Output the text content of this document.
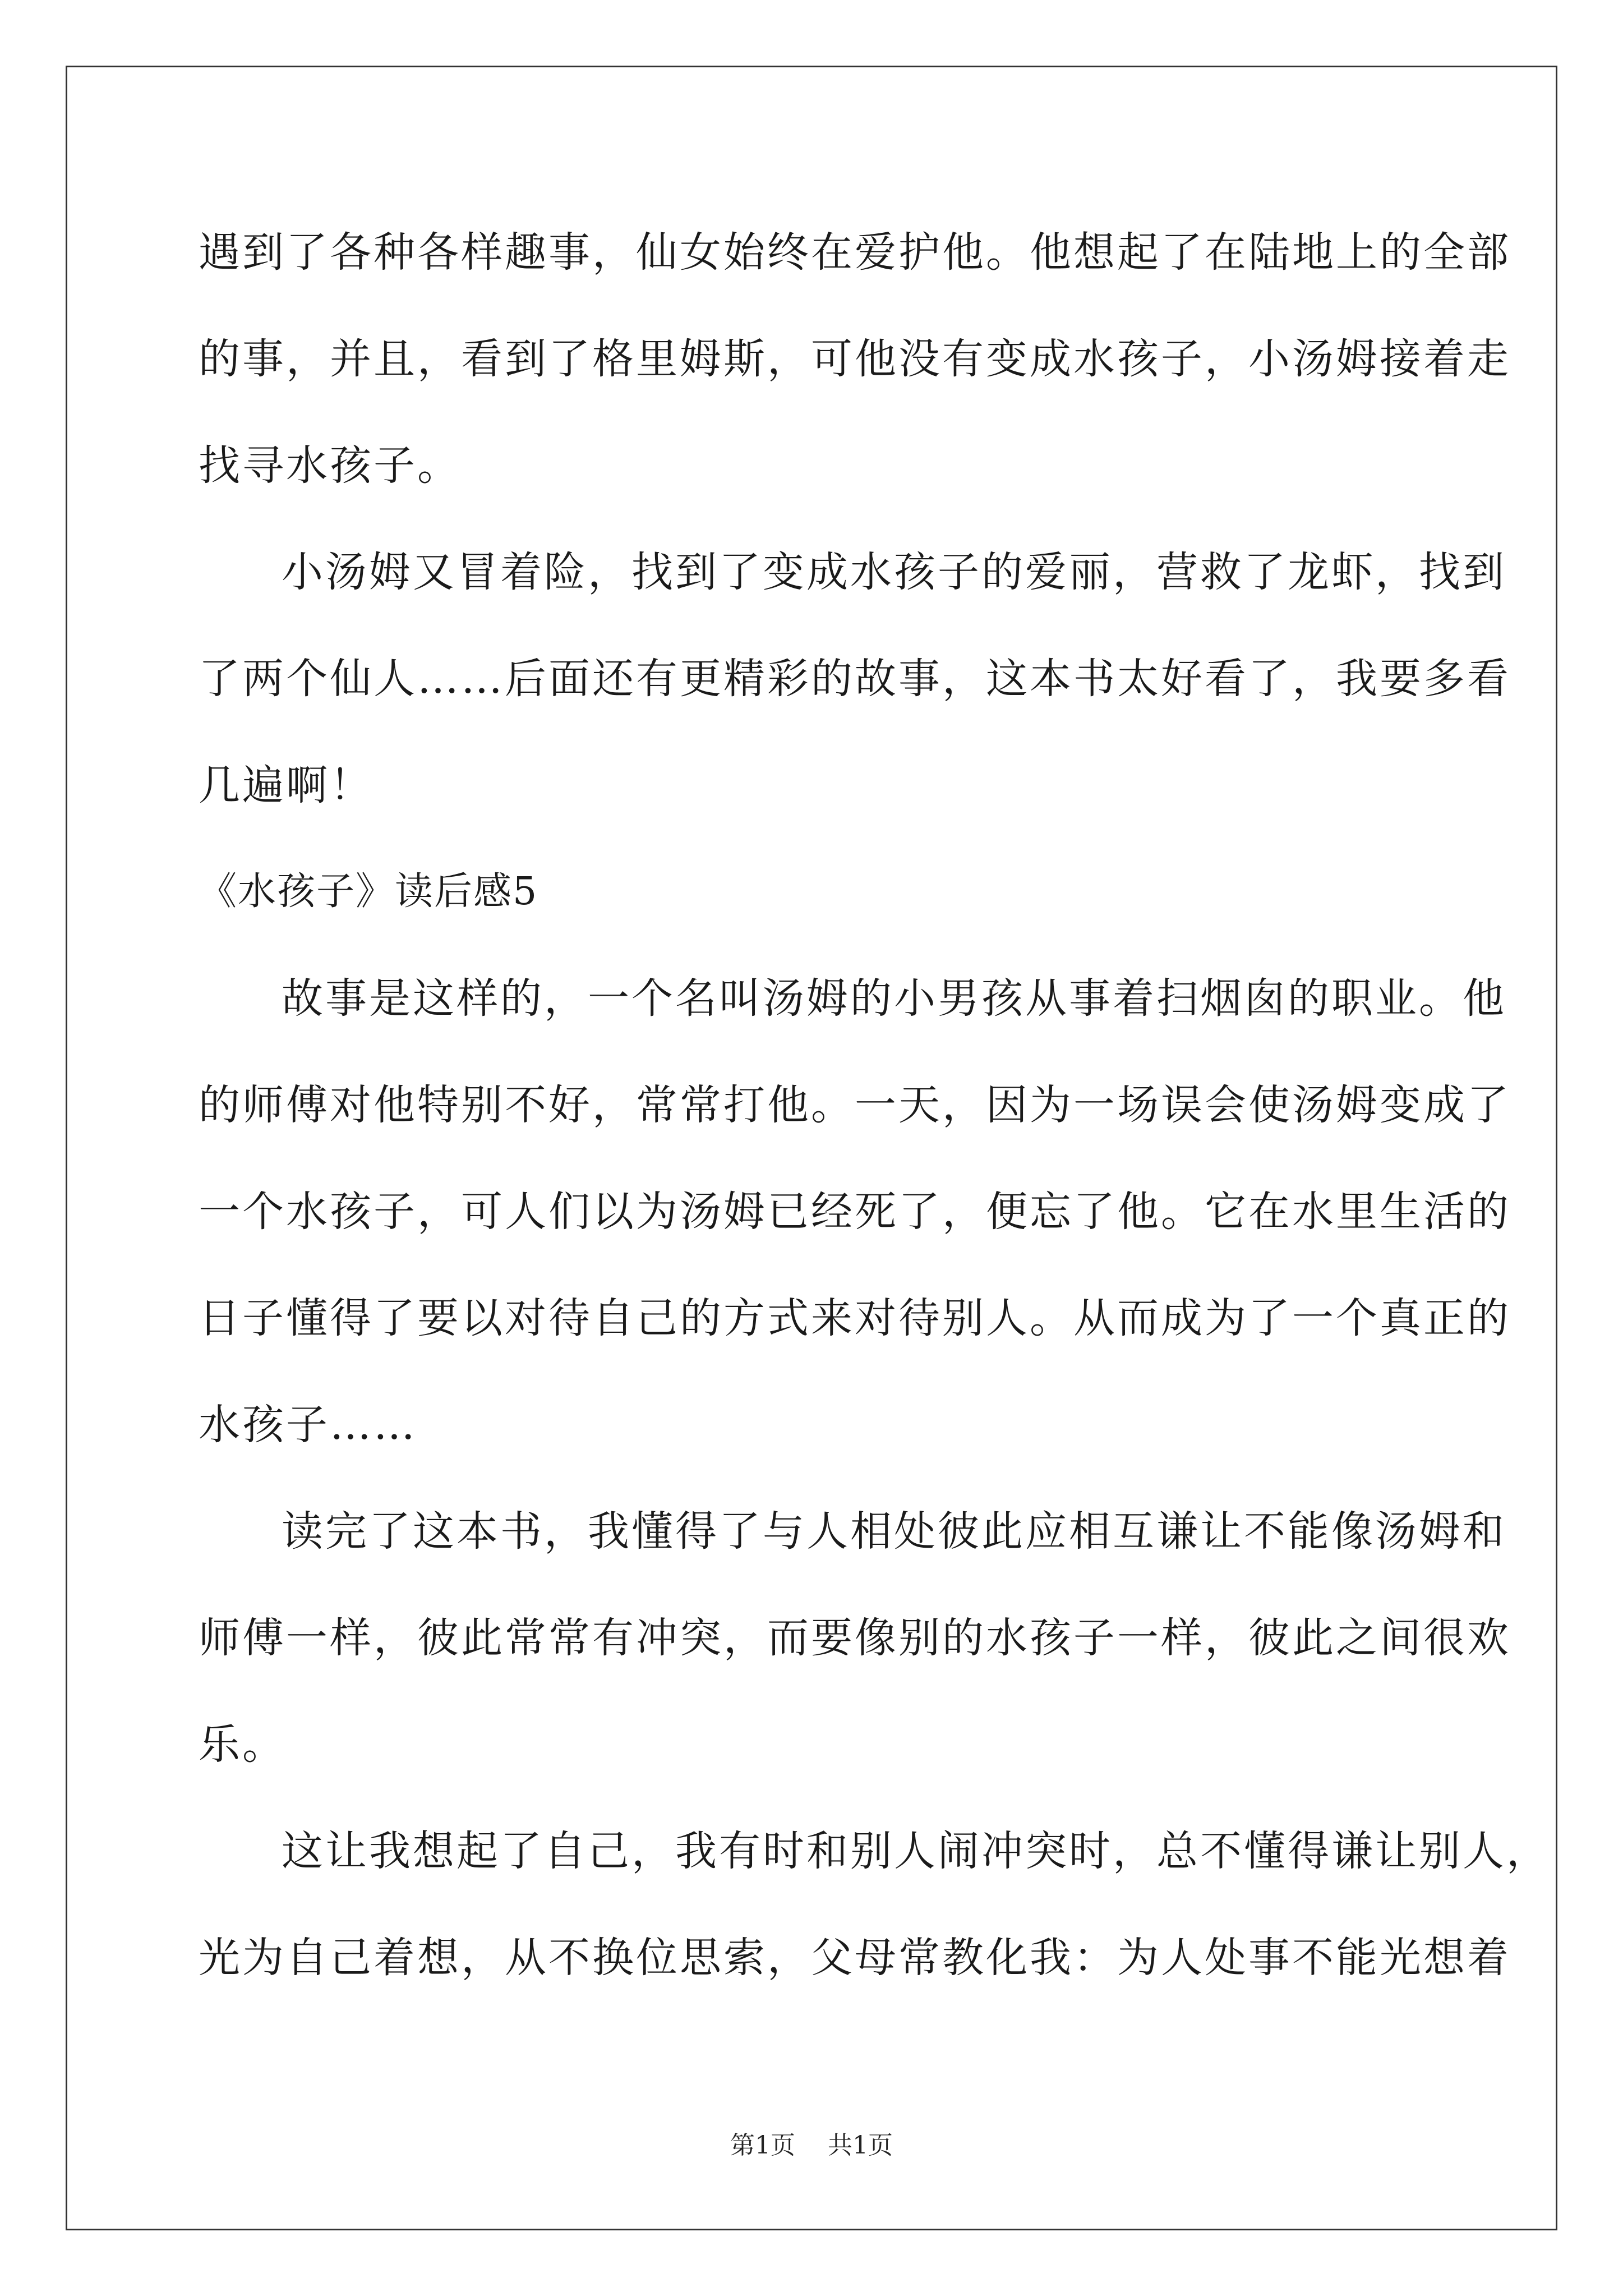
遇到了各种各样趣事，仙女始终在爱护他。他想起了在陆地上的全部
的事，并且，看到了格里姆斯，可他没有变成水孩子，小汤姆接着走
找寻水孩子。
小汤姆又冒着险，找到了变成水孩子的爱丽，营救了龙虾，找到
了两个仙人……后面还有更精彩的故事，这本书太好看了，我要多看
几遍啊！
《水孩子》读后感5
故事是这样的，一个名叫汤姆的小男孩从事着扫烟囱的职业。他
的师傅对他特别不好，常常打他。一天，因为一场误会使汤姆变成了
一个水孩子，可人们以为汤姆已经死了，便忘了他。它在水里生活的
日子懂得了要以对待自己的方式来对待别人。从而成为了一个真正的
水孩子……
读完了这本书，我懂得了与人相处彼此应相互谦让不能像汤姆和
师傅一样，彼此常常有冲突，而要像别的水孩子一样，彼此之间很欢
乐。
这让我想起了自己，我有时和别人闹冲突时，总不懂得谦让别人，
光为自己着想，从不换位思索，父母常教化我：为人处事不能光想着
第1页 共1页
